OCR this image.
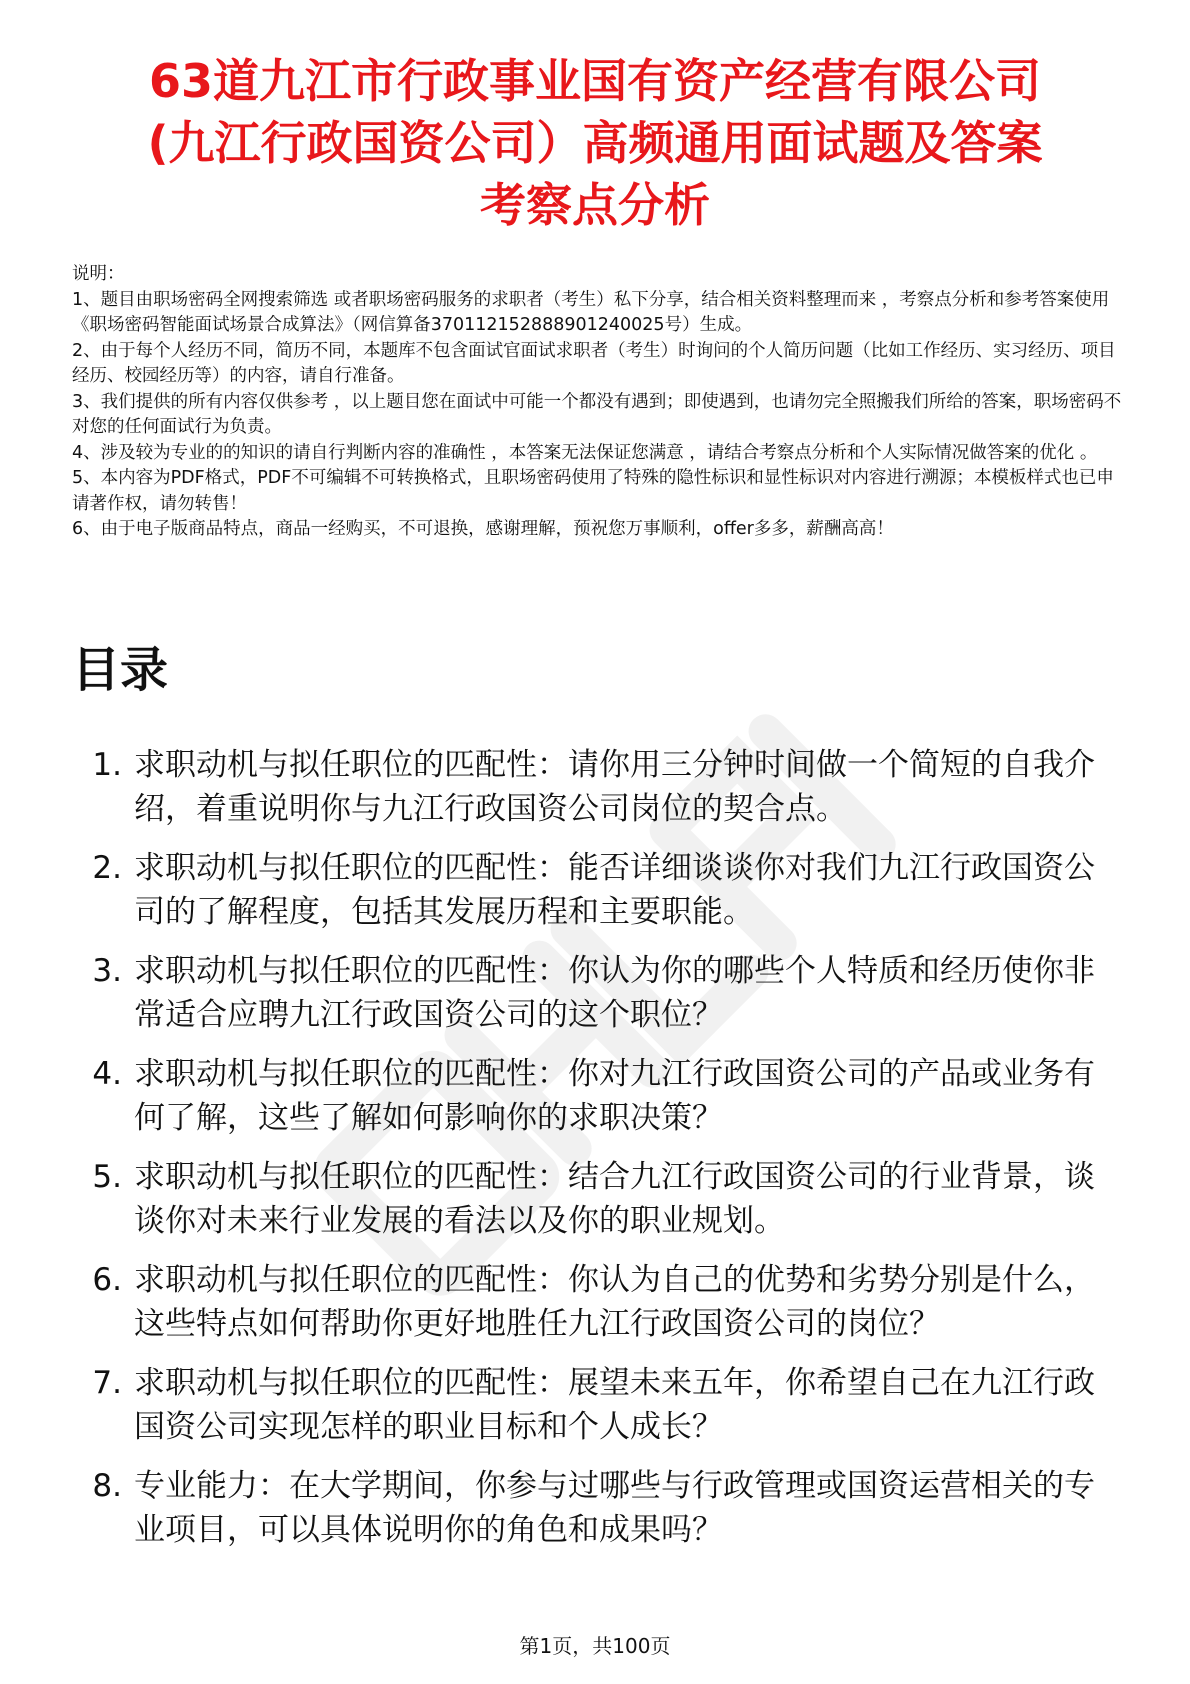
63道九江市行政事业国有资产经营有限公司
(九江行政国资公司）高频通用面试题及答案
考察点分析

说明：

1、题目由职场密码全网搜索筛选 或者职场密码服务的求职者（考生）私下分享，结合相关资料整理而来 ，考察点分析和参考答案使用《职场密码智能面试场景合成算法》（网信算备370112152888901240025号）生成。

2、由于每个人经历不同，简历不同，本题库不包含面试官面试求职者（考生）时询问的个人简历问题（比如工作经历、实习经历、项目经历、校园经历等）的内容，请自行准备。

3、我们提供的所有内容仅供参考 ，以上题目您在面试中可能一个都没有遇到；即使遇到，也请勿完全照搬我们所给的答案，职场密码不对您的任何面试行为负责。

4、涉及较为专业的的知识的请自行判断内容的准确性 ，本答案无法保证您满意 ，请结合考察点分析和个人实际情况做答案的优化 。

5、本内容为PDF格式，PDF不可编辑不可转换格式，且职场密码使用了特殊的隐性标识和显性标识对内容进行溯源；本模板样式也已申请著作权，请勿转售！

6、由于电子版商品特点，商品一经购买，不可退换，感谢理解，预祝您万事顺利，offer多多，薪酬高高！

目录
1. 求职动机与拟任职位的匹配性：请你用三分钟时间做一个简短的自我介绍，着重说明你与九江行政国资公司岗位的契合点。
2. 求职动机与拟任职位的匹配性：能否详细谈谈你对我们九江行政国资公司的了解程度，包括其发展历程和主要职能。
3. 求职动机与拟任职位的匹配性：你认为你的哪些个人特质和经历使你非常适合应聘九江行政国资公司的这个职位？
4. 求职动机与拟任职位的匹配性：你对九江行政国资公司的产品或业务有何了解，这些了解如何影响你的求职决策？
5. 求职动机与拟任职位的匹配性：结合九江行政国资公司的行业背景，谈谈你对未来行业发展的看法以及你的职业规划。
6. 求职动机与拟任职位的匹配性：你认为自己的优势和劣势分别是什么，这些特点如何帮助你更好地胜任九江行政国资公司的岗位？
7. 求职动机与拟任职位的匹配性：展望未来五年，你希望自己在九江行政国资公司实现怎样的职业目标和个人成长？
8. 专业能力：在大学期间，你参与过哪些与行政管理或国资运营相关的专业项目，可以具体说明你的角色和成果吗？
第1页，共100页
